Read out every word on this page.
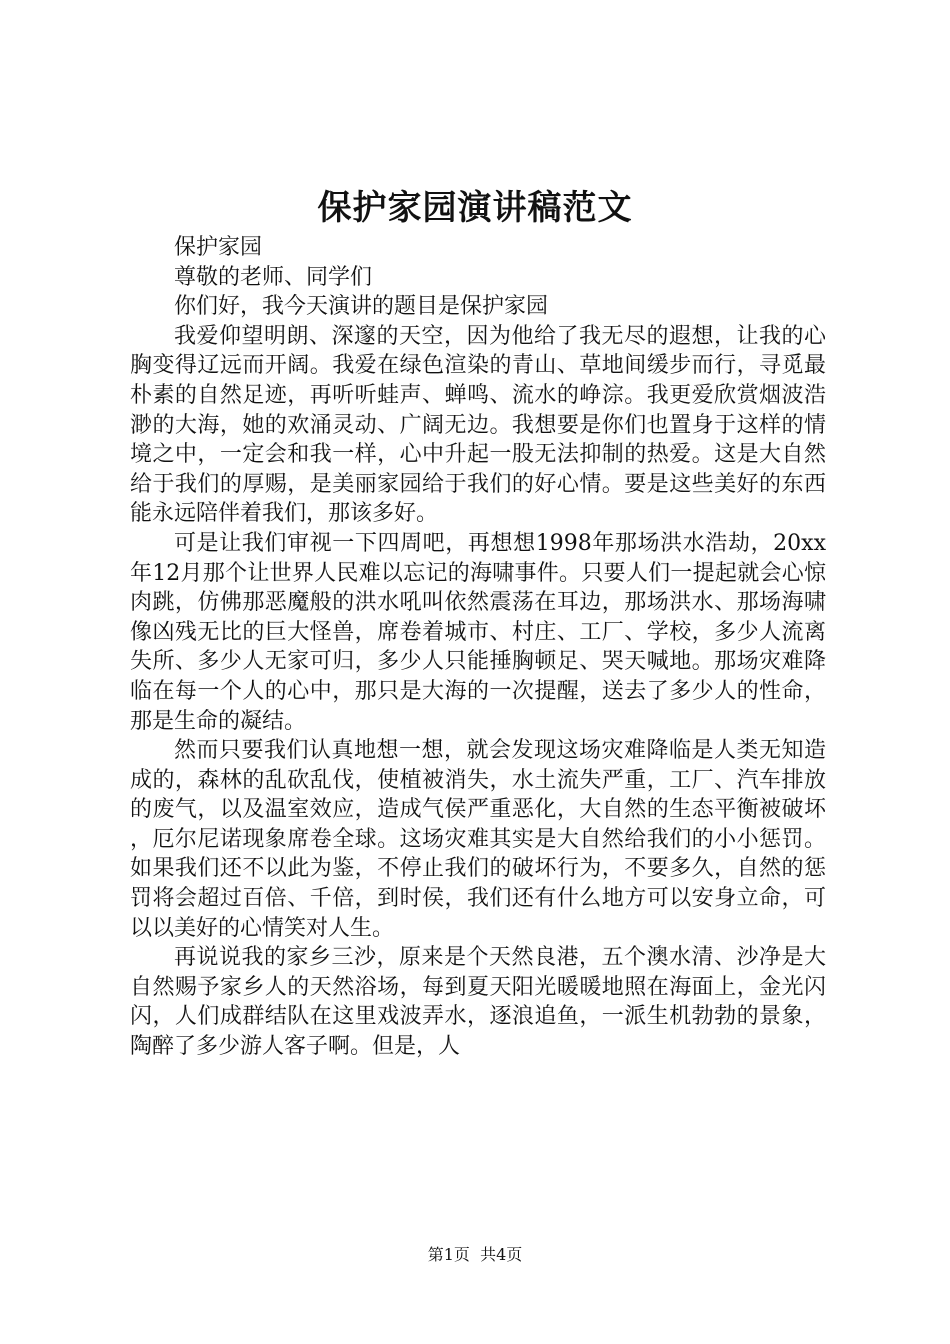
保护家园演讲稿范文

保护家园

尊敬的老师、同学们

你们好，我今天演讲的题目是保护家园

我爱仰望明朗、深邃的天空，因为他给了我无尽的遐想，让我的心胸变得辽远而开阔。我爱在绿色渲染的青山、草地间缓步而行，寻觅最朴素的自然足迹，再听听蛙声、蝉鸣、流水的峥淙。我更爱欣赏烟波浩渺的大海，她的欢涌灵动、广阔无边。我想要是你们也置身于这样的情境之中，一定会和我一样，心中升起一股无法抑制的热爱。这是大自然给于我们的厚赐，是美丽家园给于我们的好心情。要是这些美好的东西能永远陪伴着我们，那该多好。

可是让我们审视一下四周吧，再想想1998年那场洪水浩劫，20xx年12月那个让世界人民难以忘记的海啸事件。只要人们一提起就会心惊肉跳，仿佛那恶魔般的洪水吼叫依然震荡在耳边，那场洪水、那场海啸像凶残无比的巨大怪兽，席卷着城市、村庄、工厂、学校，多少人流离失所、多少人无家可归，多少人只能捶胸顿足、哭天喊地。那场灾难降临在每一个人的心中，那只是大海的一次提醒，送去了多少人的性命，那是生命的凝结。

然而只要我们认真地想一想，就会发现这场灾难降临是人类无知造成的，森林的乱砍乱伐，使植被消失，水土流失严重，工厂、汽车排放的废气，以及温室效应，造成气侯严重恶化，大自然的生态平衡被破坏，厄尔尼诺现象席卷全球。这场灾难其实是大自然给我们的小小惩罚。如果我们还不以此为鉴，不停止我们的破坏行为，不要多久，自然的惩罚将会超过百倍、千倍，到时侯，我们还有什么地方可以安身立命，可以以美好的心情笑对人生。

再说说我的家乡三沙，原来是个天然良港，五个澳水清、沙净是大自然赐予家乡人的天然浴场，每到夏天阳光暖暖地照在海面上，金光闪闪，人们成群结队在这里戏波弄水，逐浪追鱼，一派生机勃勃的景象，陶醉了多少游人客子啊。但是，人

第1页  共4页
